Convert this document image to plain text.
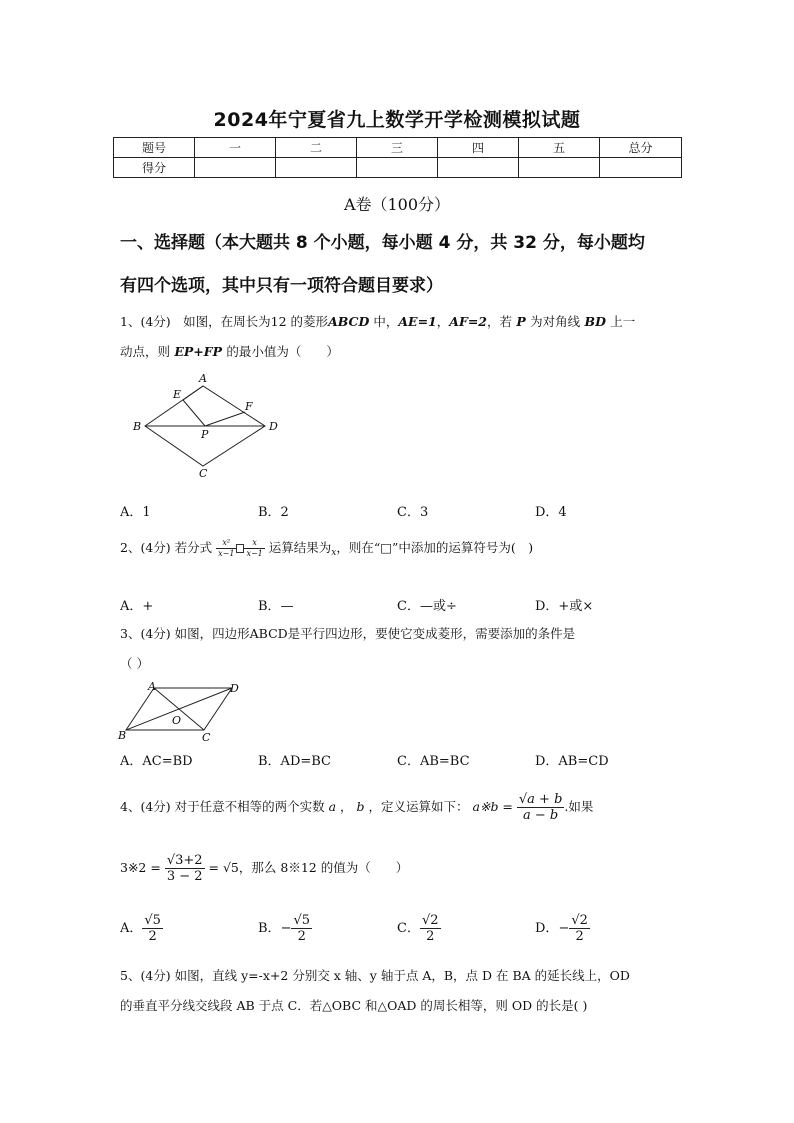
2024年宁夏省九上数学开学检测模拟试题
题号	一	二	三	四	五	总分
得分						
A卷（100分）
一、选择题（本大题共 8 个小题，每小题 4 分，共 32 分，每小题均
有四个选项，其中只有一项符合题目要求）
1、(4分)　如图，在周长为12 的菱形ABCD 中，AE=1，AF=2，若 P 为对角线 BD 上一
动点，则 EP+FP 的最小值为（　　）
A
B
C
D
E
F
P
A．1	B．2	C．3	D．4
2、(4分) 若分式 $\frac{\text{x²}}{x-1} \frac{x}{x-1}$ 运算结果为$_x$，则在“□”中添加的运算符号为(　)
A．+	B．—	C．—或÷	D．+或×
3、(4分) 如图，四边形ABCD是平行四边形，要使它变成菱形，需要添加的条件是
（ ）
A
B	C
D
O
A．AC=BD	B．AD=BC	C．AB=BC	D．AB=CD
4、(4分) 对于任意不相等的两个实数 a ， b ，定义运算如下： a※b = $\frac{√a + b}{a - b}$ .如果
3※2 = $\frac{√3+2}{3 - 2} = √5$，那么 8※12 的值为（　　）
A． $\frac{√5}{2}$	B．− $\frac{√5}{2}$	C． $\frac{√2}{2}$	D．− $\frac{√2}{2}$
5、(4分) 如图，直线 y=-x+2 分别交 x 轴、y 轴于点 A，B，点 D 在 BA 的延长线上，OD
的垂直平分线交线段 AB 于点 C．若△OBC 和△OAD 的周长相等，则 OD 的长是( )
